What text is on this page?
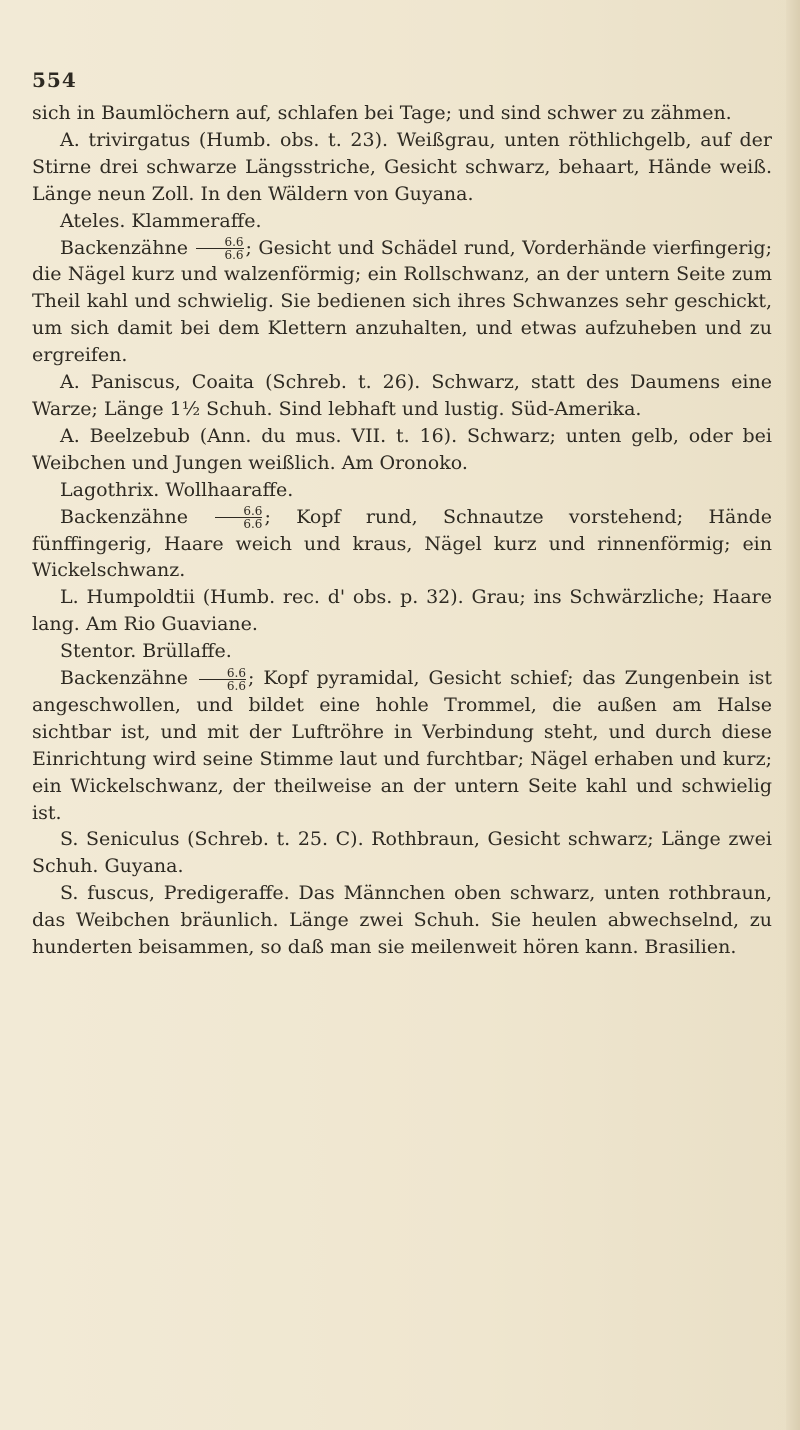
554

sich in Baumlöchern auf, schlafen bei Tage; und sind schwer zu zähmen.

A. trivirgatus (Humb. obs. t. 23). Weißgrau, unten röthlichgelb, auf der Stirne drei schwarze Längsstriche, Gesicht schwarz, behaart, Hände weiß. Länge neun Zoll. In den Wäldern von Guyana.

Ateles. Klammeraffe.

Backenzähne $\frac{6.6}{6.6}$ ; Gesicht und Schädel rund, Vorderhände vierfingerig; die Nägel kurz und walzenförmig; ein Rollschwanz, an der untern Seite zum Theil kahl und schwielig. Sie bedienen sich ihres Schwanzes sehr geschickt, um sich damit bei dem Klettern anzuhalten, und etwas aufzuheben und zu ergreifen.

A. Paniscus, Coaita (Schreb. t. 26). Schwarz, statt des Daumens eine Warze; Länge 1½ Schuh. Sind lebhaft und lustig. Süd-Amerika.

A. Beelzebub (Ann. du mus. VII. t. 16). Schwarz; unten gelb, oder bei Weibchen und Jungen weißlich. Am Oronoko.

Lagothrix. Wollhaaraffe.

Backenzähne $\frac{6.6}{6.6}$ ; Kopf rund, Schnautze vorstehend; Hände fünffingerig, Haare weich und kraus, Nägel kurz und rinnenförmig; ein Wickelschwanz.

L. Humpoldtii (Humb. rec. d' obs. p. 32). Grau; ins Schwärzliche; Haare lang. Am Rio Guaviane.

Stentor. Brüllaffe.

Backenzähne $\frac{6.6}{6.6}$ ; Kopf pyramidal, Gesicht schief; das Zungenbein ist angeschwollen, und bildet eine hohle Trommel, die außen am Halse sichtbar ist, und mit der Luftröhre in Verbindung steht, und durch diese Einrichtung wird seine Stimme laut und furchtbar; Nägel erhaben und kurz; ein Wickelschwanz, der theilweise an der untern Seite kahl und schwielig ist.

S. Seniculus (Schreb. t. 25. C). Rothbraun, Gesicht schwarz; Länge zwei Schuh. Guyana.

S. fuscus, Predigeraffe. Das Männchen oben schwarz, unten rothbraun, das Weibchen bräunlich. Länge zwei Schuh. Sie heulen abwechselnd, zu hunderten beisammen, so daß man sie meilenweit hören kann. Brasilien.
